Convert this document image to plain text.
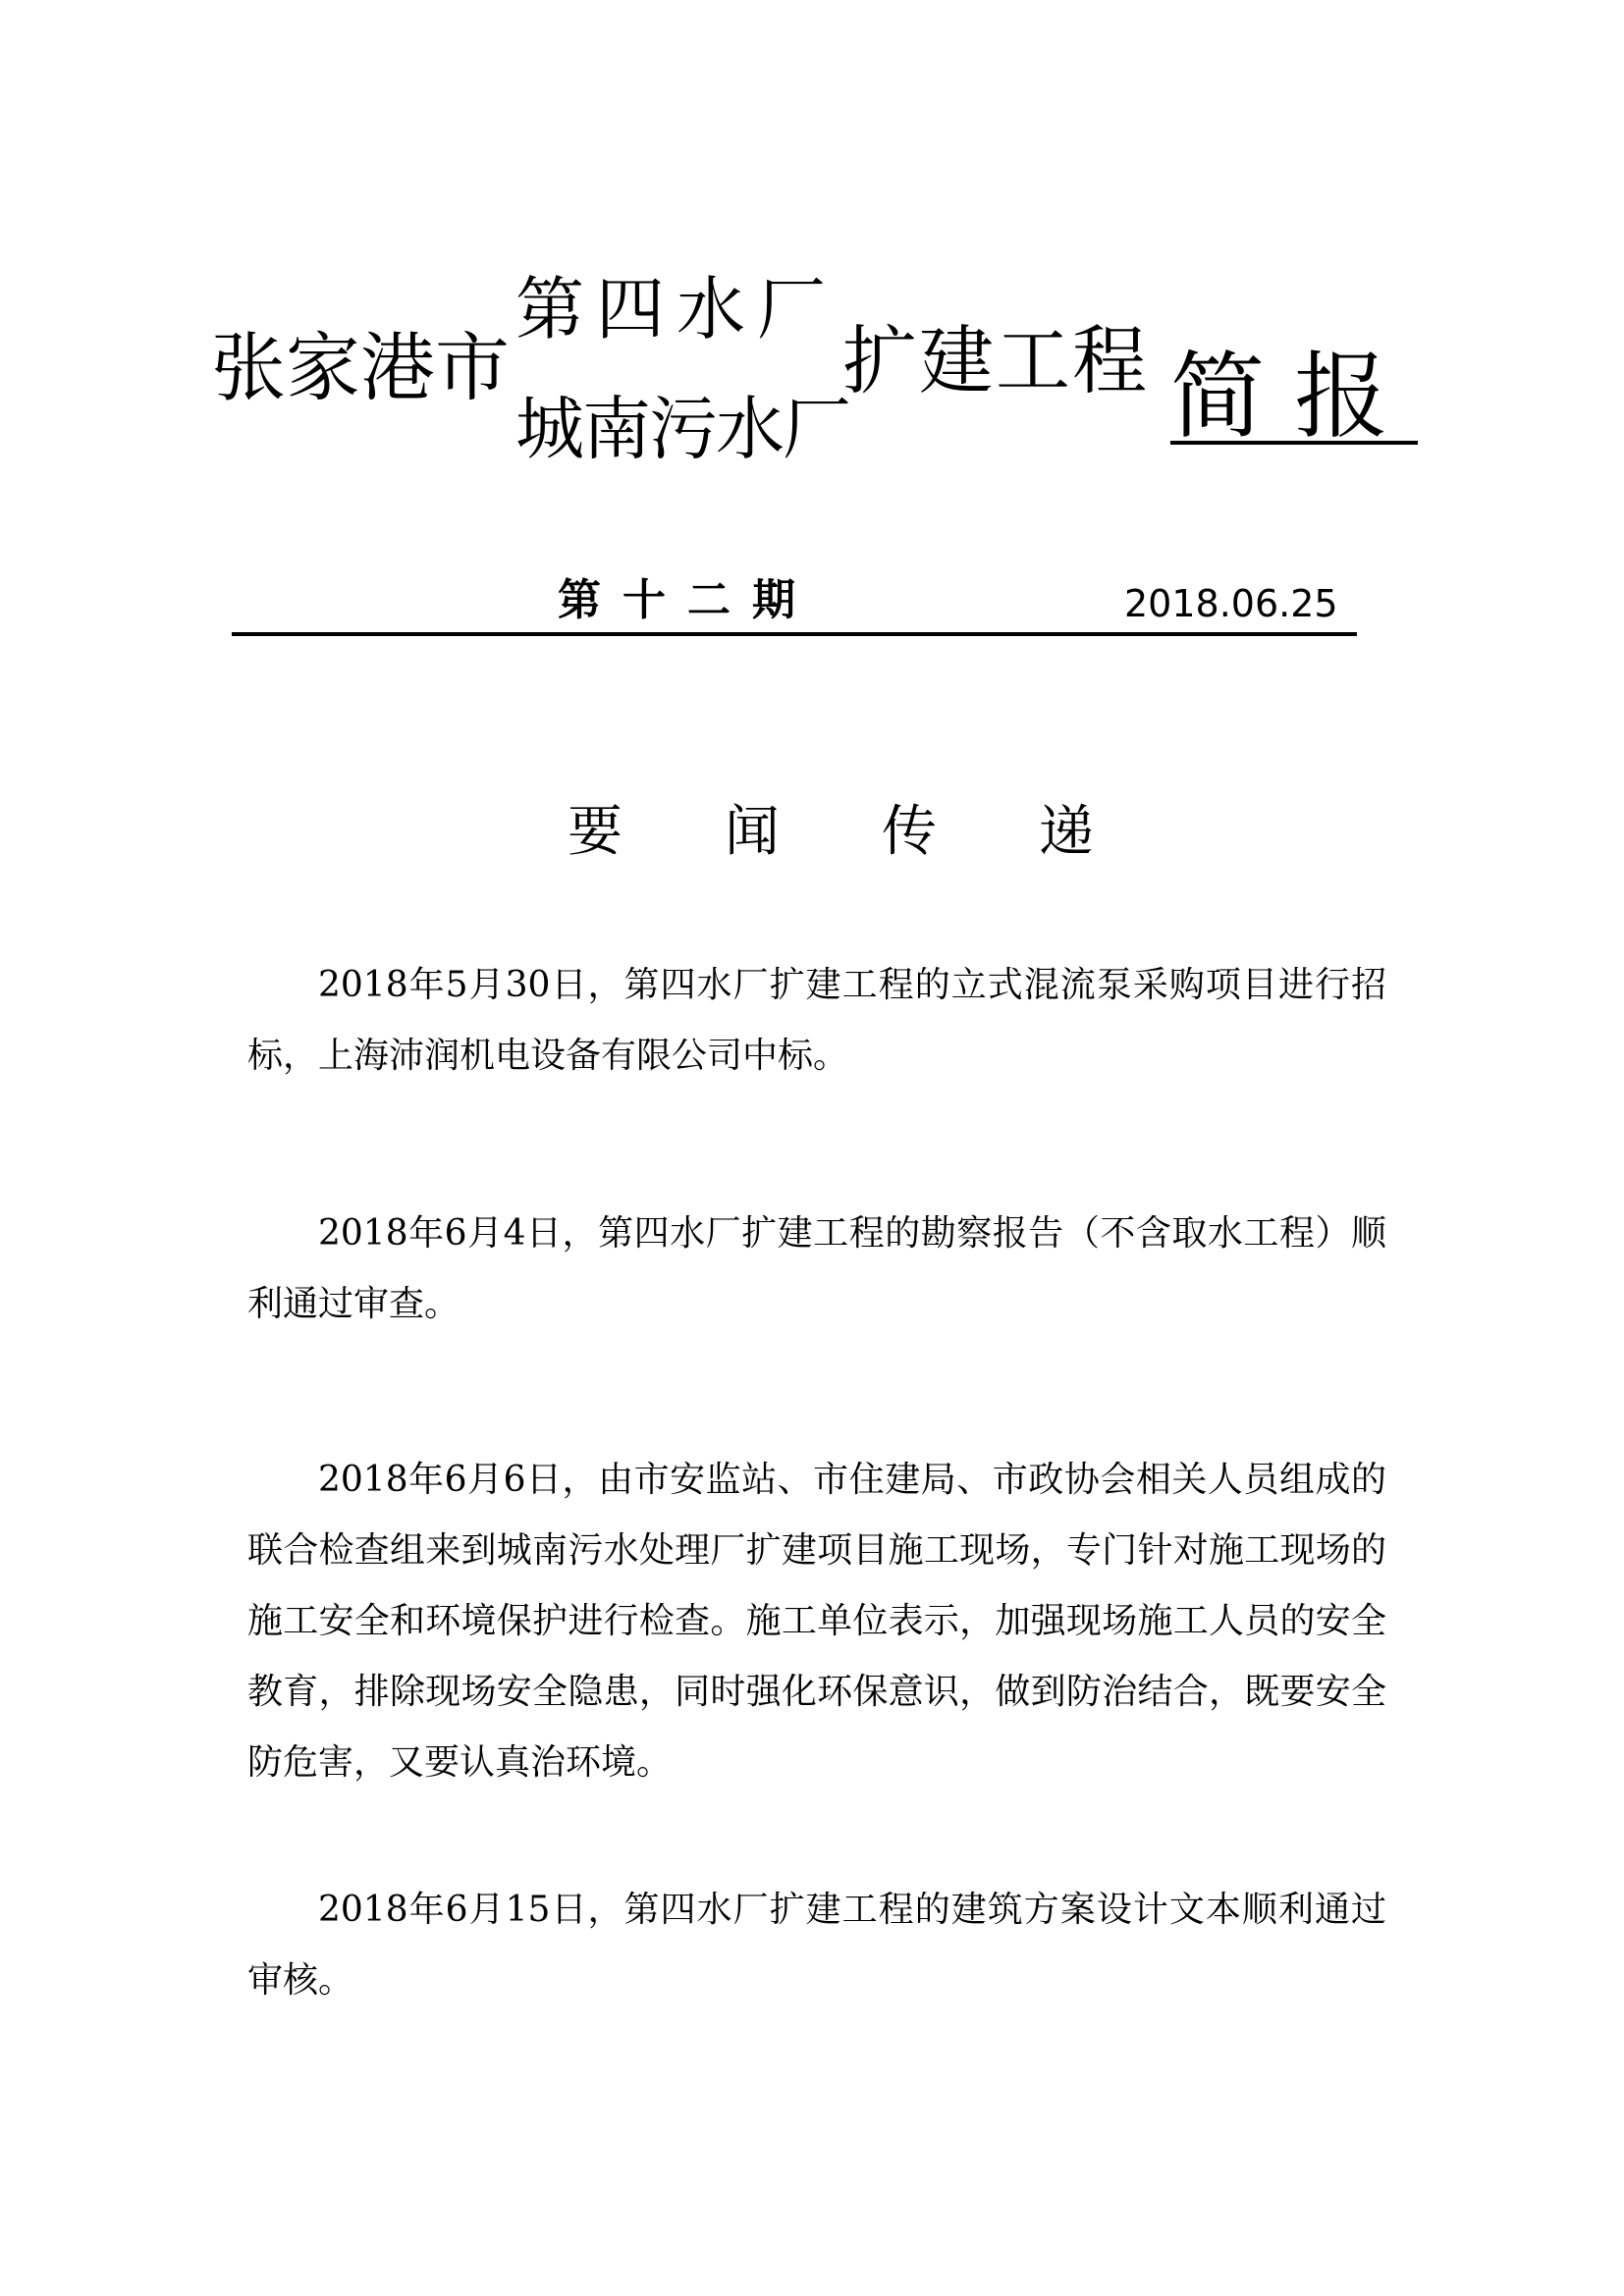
张家港市
第四水厂
城南污水厂
扩建工程 简报
第十二期	2018.06.25
要闻传递

2018年5月30日，第四水厂扩建工程的立式混流泵采购项目进行招标，上海沛润机电设备有限公司中标。

2018年6月4日，第四水厂扩建工程的勘察报告（不含取水工程）顺利通过审查。

2018年6月6日，由市安监站、市住建局、市政协会相关人员组成的联合检查组来到城南污水处理厂扩建项目施工现场，专门针对施工现场的施工安全和环境保护进行检查。施工单位表示，加强现场施工人员的安全教育，排除现场安全隐患，同时强化环保意识，做到防治结合，既要安全防危害，又要认真治环境。

2018年6月15日，第四水厂扩建工程的建筑方案设计文本顺利通过审核。
